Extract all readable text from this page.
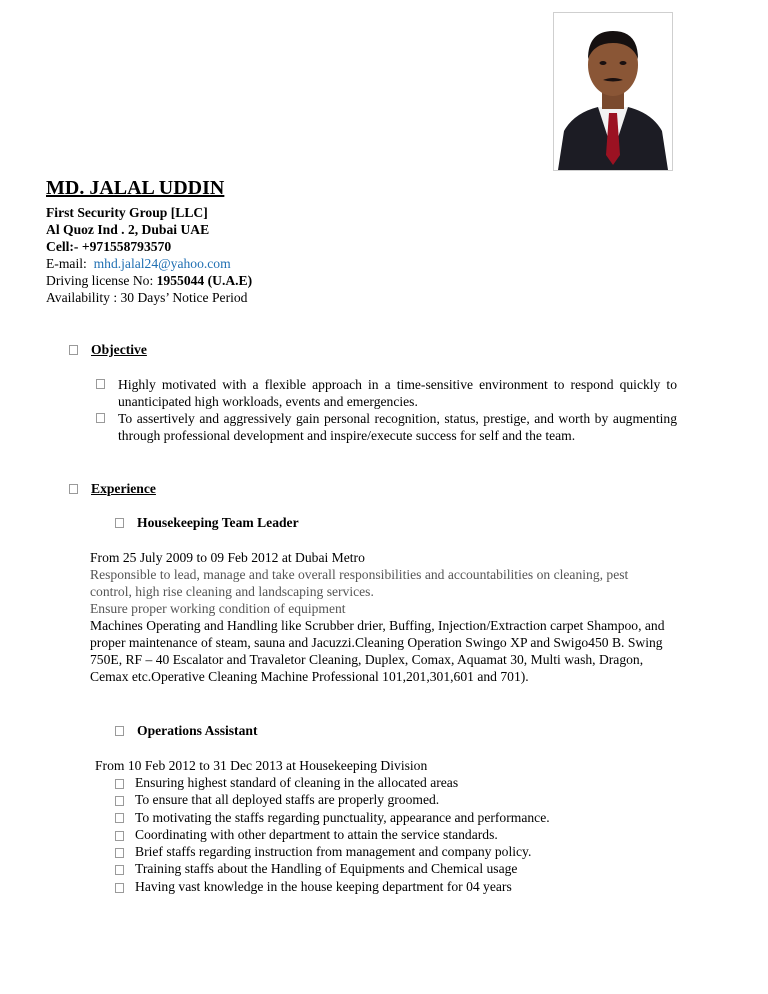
MD. JALAL UDDIN
First Security Group [LLC]
Al Quoz Ind . 2, Dubai UAE
Cell:- +971558793570
E-mail: mhd.jalal24@yahoo.com
Driving license No: 1955044 (U.A.E)
Availability : 30 Days’ Notice Period
Objective
Highly motivated with a flexible approach in a time-sensitive environment to respond quickly to unanticipated high workloads, events and emergencies.
To assertively and aggressively gain personal recognition, status, prestige, and worth by augmenting through professional development and inspire/execute success for self and the team.
Experience
Housekeeping Team Leader
From 25 July 2009 to 09 Feb 2012 at Dubai Metro
Responsible to lead, manage and take overall responsibilities and accountabilities on cleaning, pest control, high rise cleaning and landscaping services.
Ensure proper working condition of equipment
Machines Operating and Handling like Scrubber drier, Buffing, Injection/Extraction carpet Shampoo, and proper maintenance of steam, sauna and Jacuzzi.Cleaning Operation Swingo XP and Swigo450 B. Swing 750E, RF – 40 Escalator and Travaletor Cleaning, Duplex, Comax, Aquamat 30, Multi wash, Dragon, Cemax etc.Operative Cleaning Machine Professional 101,201,301,601 and 701).
Operations Assistant
From 10 Feb 2012 to 31 Dec 2013 at Housekeeping Division
Ensuring highest standard of cleaning in the allocated areas
To ensure that all deployed staffs are properly groomed.
To motivating the staffs regarding punctuality, appearance and performance.
Coordinating with other department to attain the service standards.
Brief staffs regarding instruction from management and company policy.
Training staffs about the Handling of Equipments and Chemical usage
Having vast knowledge in the house keeping department for 04 years
